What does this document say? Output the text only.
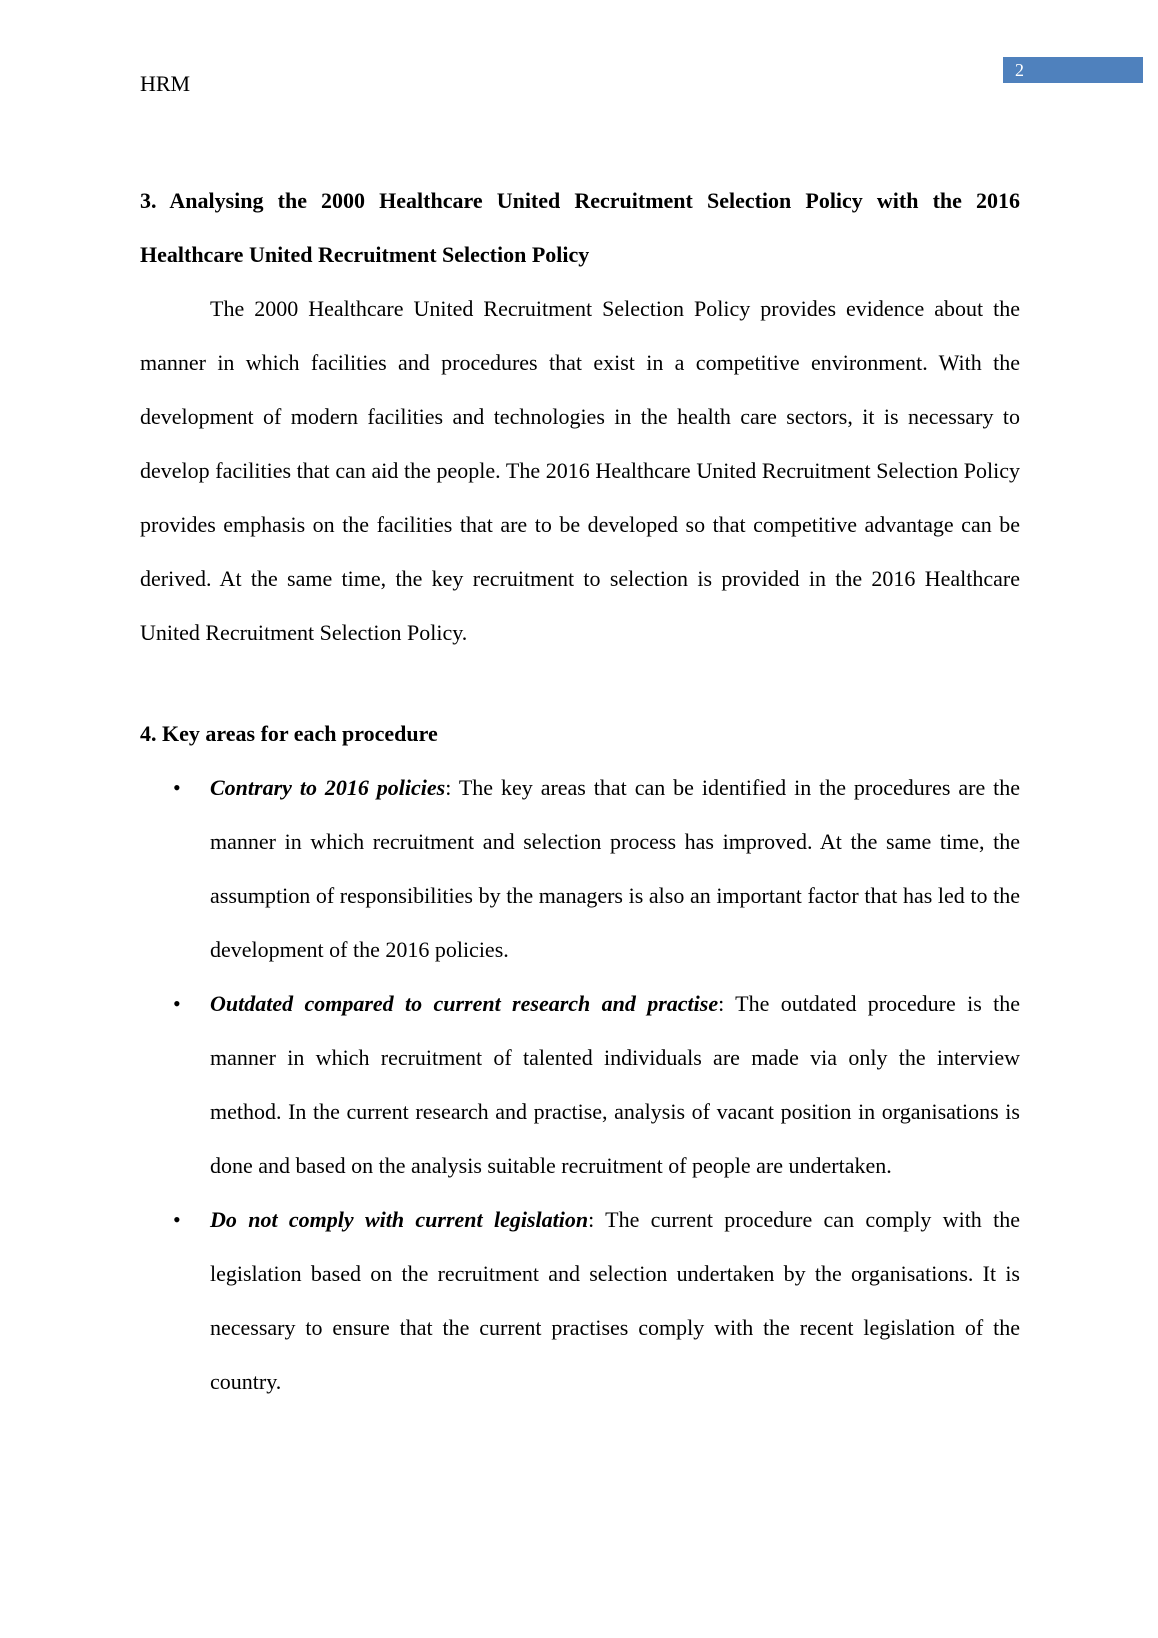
HRM
2

3. Analysing the 2000 Healthcare United Recruitment Selection Policy with the 2016 Healthcare United Recruitment Selection Policy

The 2000 Healthcare United Recruitment Selection Policy provides evidence about the manner in which facilities and procedures that exist in a competitive environment. With the development of modern facilities and technologies in the health care sectors, it is necessary to develop facilities that can aid the people. The 2016 Healthcare United Recruitment Selection Policy provides emphasis on the facilities that are to be developed so that competitive advantage can be derived. At the same time, the key recruitment to selection is provided in the 2016 Healthcare United Recruitment Selection Policy.

4. Key areas for each procedure

• Contrary to 2016 policies: The key areas that can be identified in the procedures are the manner in which recruitment and selection process has improved. At the same time, the assumption of responsibilities by the managers is also an important factor that has led to the development of the 2016 policies.
• Outdated compared to current research and practise: The outdated procedure is the manner in which recruitment of talented individuals are made via only the interview method. In the current research and practise, analysis of vacant position in organisations is done and based on the analysis suitable recruitment of people are undertaken.
• Do not comply with current legislation: The current procedure can comply with the legislation based on the recruitment and selection undertaken by the organisations. It is necessary to ensure that the current practises comply with the recent legislation of the country.
